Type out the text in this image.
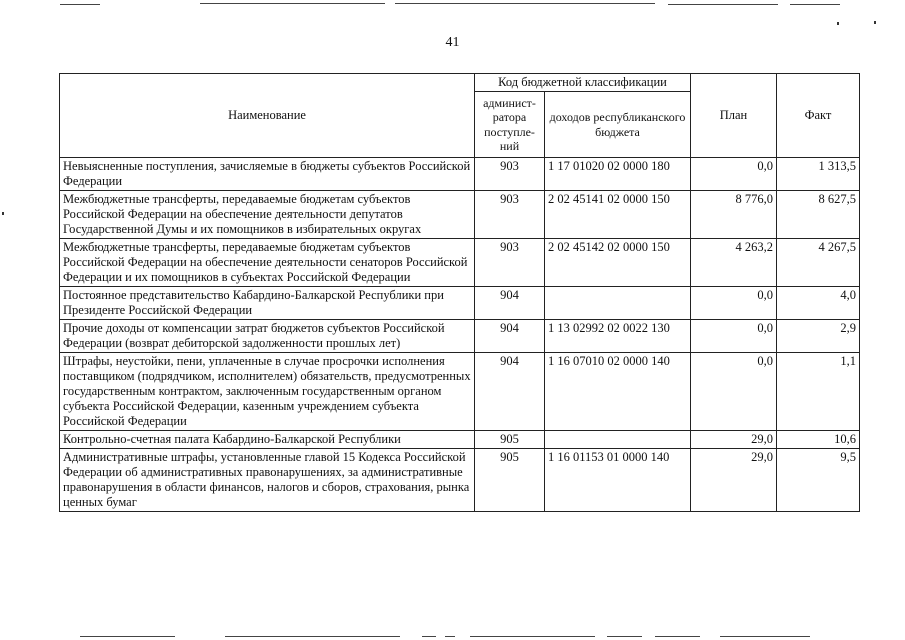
41
Наименование	Код бюджетной классификации		План	Факт
	админист-ратора поступле-ний	доходов республиканского бюджета		
Невыясненные поступления, зачисляемые в бюджеты субъектов Российской Федерации	903	1 17 01020 02 0000 180	0,0	1 313,5
Межбюджетные трансферты, передаваемые бюджетам субъектов Российской Федерации на обеспечение деятельности депутатов Государственной Думы и их помощников в избирательных округах	903	2 02 45141 02 0000 150	8 776,0	8 627,5
Межбюджетные трансферты, передаваемые бюджетам субъектов Российской Федерации на обеспечение деятельности сенаторов Российской Федерации и их помощников в субъектах Российской Федерации	903	2 02 45142 02 0000 150	4 263,2	4 267,5
Постоянное представительство Кабардино-Балкарской Республики при Президенте Российской Федерации	904		0,0	4,0
Прочие доходы от компенсации затрат бюджетов субъектов Российской Федерации (возврат дебиторской задолженности прошлых лет)	904	1 13 02992 02 0022 130	0,0	2,9
Штрафы, неустойки, пени, уплаченные в случае просрочки исполнения поставщиком (подрядчиком, исполнителем) обязательств, предусмотренных государственным контрактом, заключенным государственным органом субъекта Российской Федерации, казенным учреждением субъекта Российской Федерации	904	1 16 07010 02 0000 140	0,0	1,1
Контрольно-счетная палата Кабардино-Балкарской Республики	905		29,0	10,6
Административные штрафы, установленные главой 15 Кодекса Российской Федерации об административных правонарушениях, за административные правонарушения в области финансов, налогов и сборов, страхования, рынка ценных бумаг	905	1 16 01153 01 0000 140	29,0	9,5
